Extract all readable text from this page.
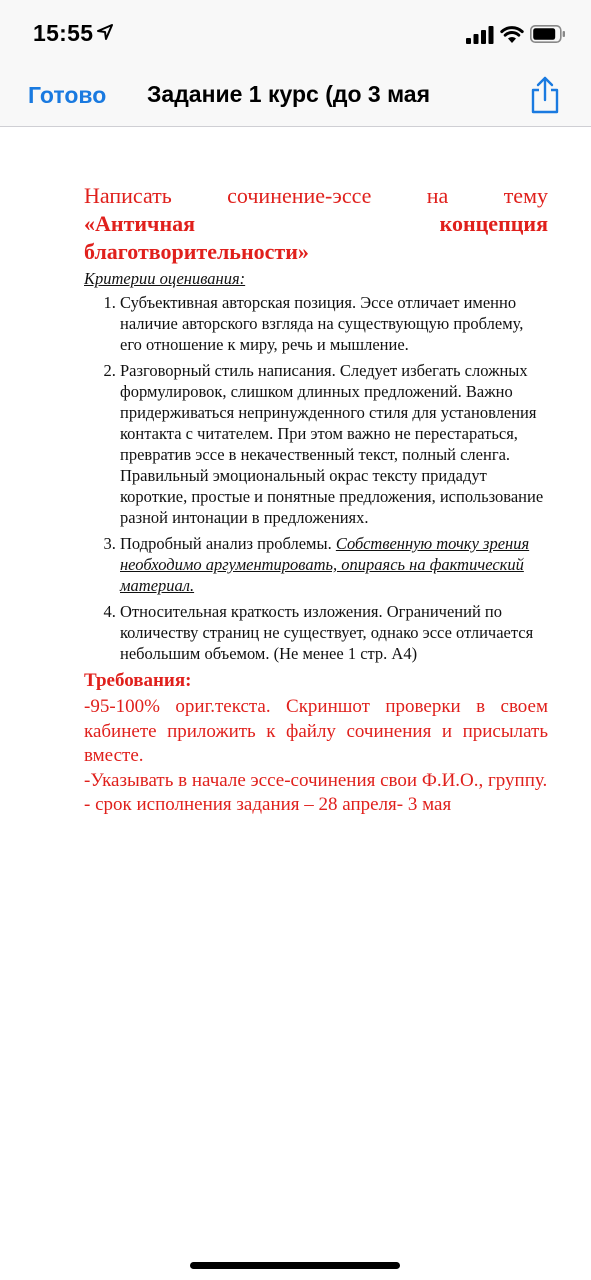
15:55
Готово Задание 1 курс (до 3 мая

Написать сочинение-эссе на тему

«Античная концепция

благотворительности»

Критерии оценивания:

1. Субъективная авторская позиция. Эссе отличает именно наличие авторского взгляда на существующую проблему, его отношение к миру, речь и мышление.
2. Разговорный стиль написания. Следует избегать сложных формулировок, слишком длинных предложений. Важно придерживаться непринужденного стиля для установления контакта с читателем. При этом важно не перестараться, превратив эссе в некачественный текст, полный сленга. Правильный эмоциональный окрас тексту придадут короткие, простые и понятные предложения, использование разной интонации в предложениях.
3. Подробный анализ проблемы. Собственную точку зрения необходимо аргументировать, опираясь на фактический материал.
4. Относительная краткость изложения. Ограничений по количеству страниц не существует, однако эссе отличается небольшим объемом. (Не менее 1 стр. А4)

Требования:

-95-100% ориг.текста. Скриншот проверки в своем кабинете приложить к файлу сочинения и присылать вместе.

-Указывать в начале эссе-сочинения свои Ф.И.О., группу.

- срок исполнения задания – 28 апреля- 3 мая
